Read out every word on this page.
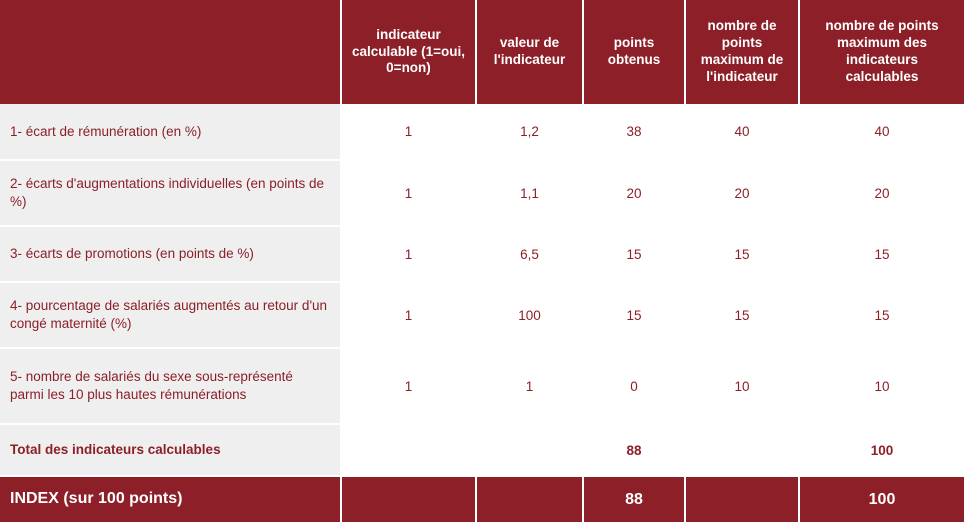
	indicateur calculable (1=oui, 0=non)	valeur de l'indicateur	points obtenus	nombre de points maximum de l'indicateur	nombre de points maximum des indicateurs calculables
1- écart de rémunération (en %)	1	1,2	38	40	40
2- écarts d'augmentations individuelles (en points de %)	1	1,1	20	20	20
3- écarts de promotions (en points de %)	1	6,5	15	15	15
4- pourcentage de salariés augmentés au retour d'un congé maternité (%)	1	100	15	15	15
5- nombre de salariés du sexe sous-représenté parmi les 10 plus hautes rémunérations	1	1	0	10	10
Total des indicateurs calculables			88		100
INDEX (sur 100 points)			88		100
